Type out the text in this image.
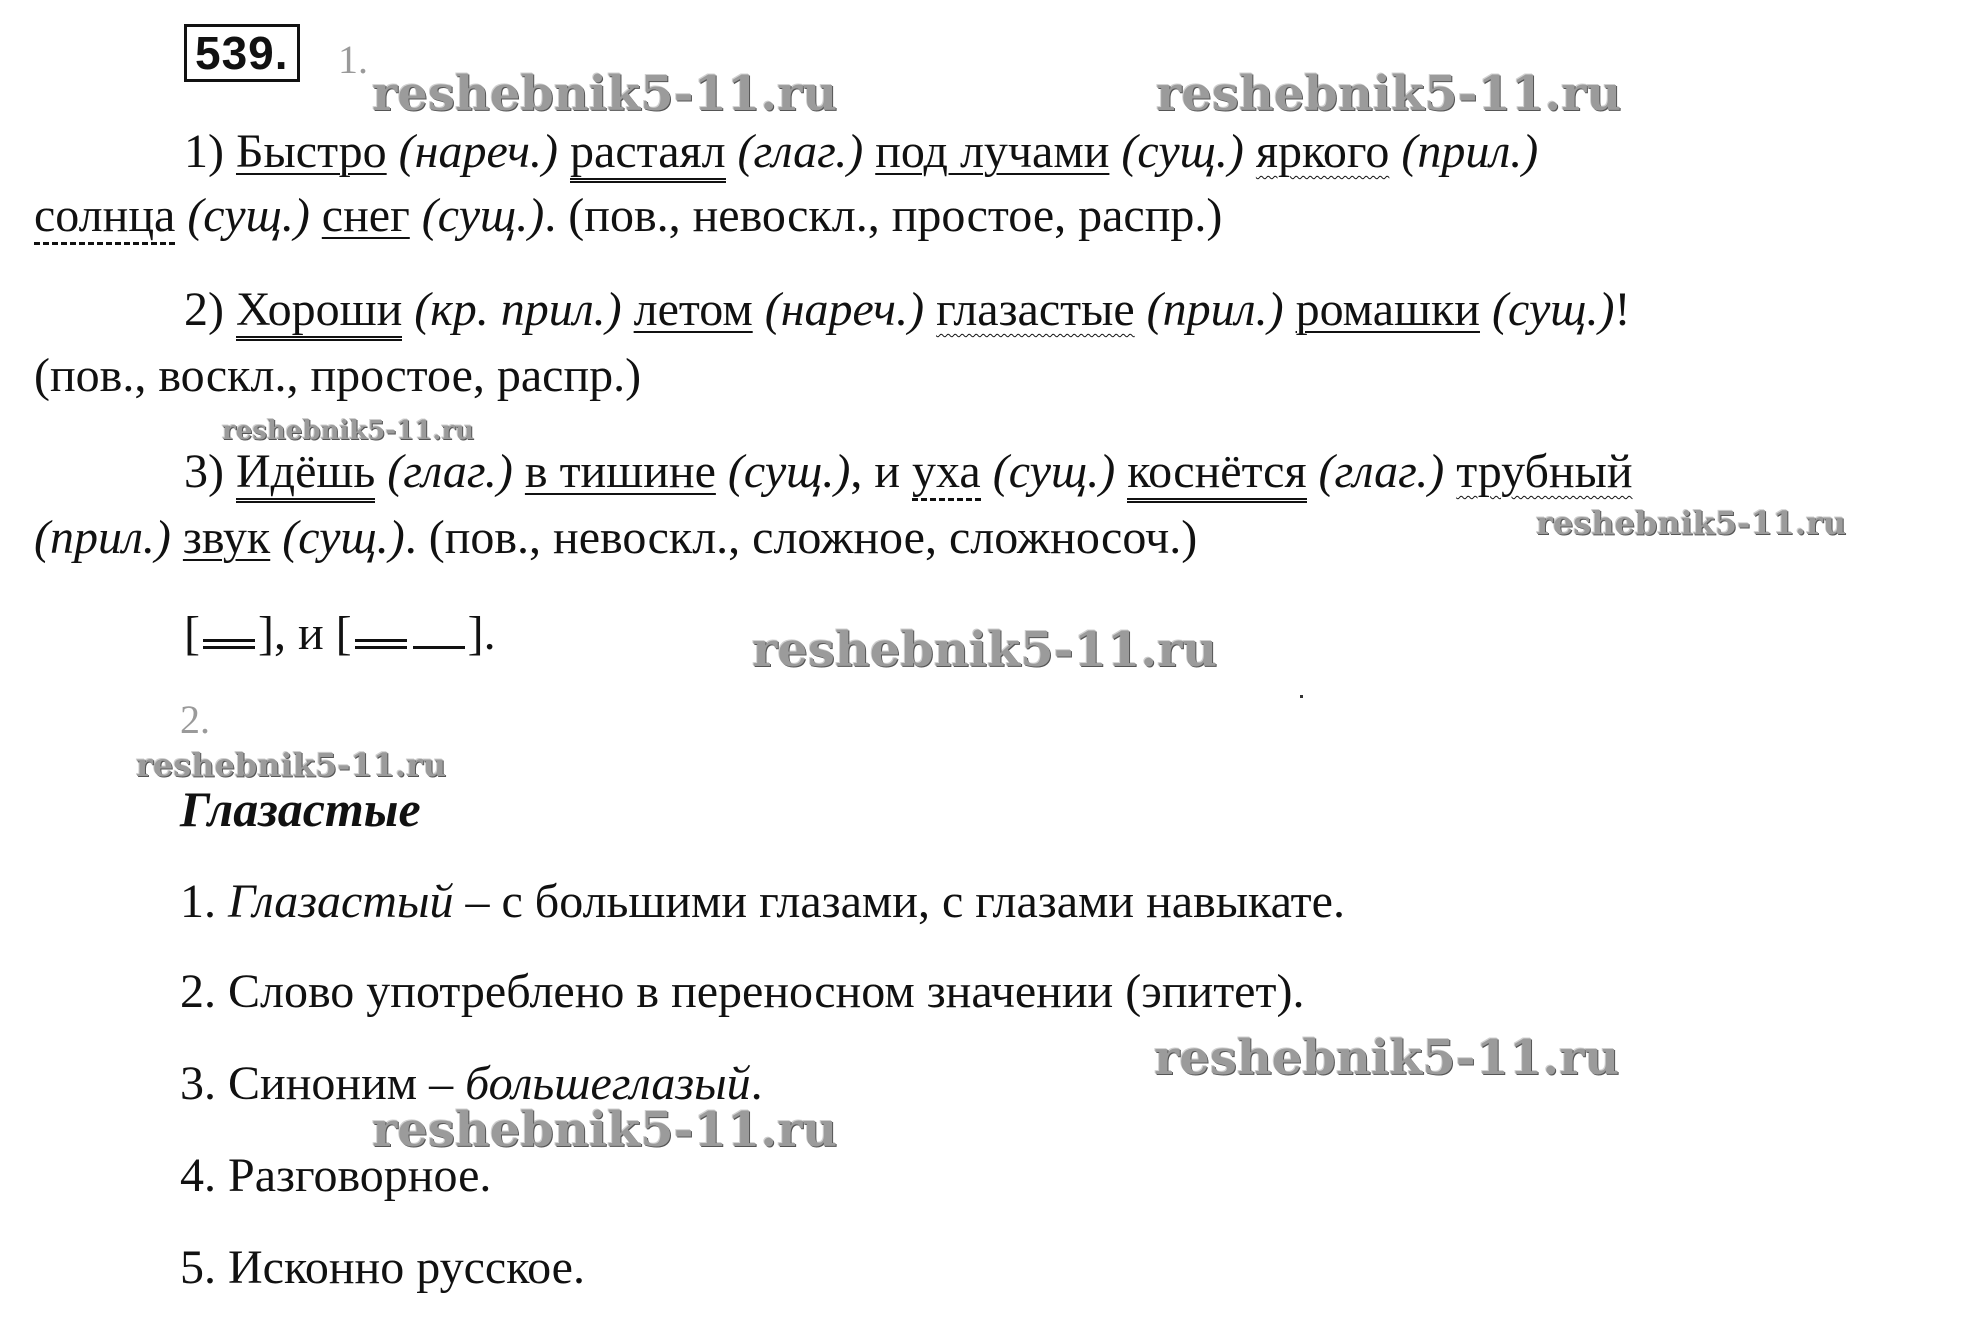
539. 1.
1) Быстро (нареч.) растаял (глаг.) под лучами (сущ.) яркого (прил.)
солнца (сущ.) снег (сущ.). (пов., невоскл., простое, распр.)
2) Хороши (кр. прил.) летом (нареч.) глазастые (прил.) ромашки (сущ.)!
(пов., воскл., простое, распр.)
3) Идёшь (глаг.) в тишине (сущ.), и уха (сущ.) коснётся (глаг.) трубный
(прил.) звук (сущ.). (пов., невоскл., сложное, сложносоч.)
[ ], и [ ].
2.
Глазастые
1. Глазастый – с большими глазами, с глазами навыкате.
2. Слово употреблено в переносном значении (эпитет).
3. Синоним – большеглазый.
4. Разговорное.
5. Исконно русское.
reshebnik5-11.ru	reshebnik5-11.ru
reshebnik5-11.ru
reshebnik5-11.ru
reshebnik5-11.ru
reshebnik5-11.ru
reshebnik5-11.ru
reshebnik5-11.ru
